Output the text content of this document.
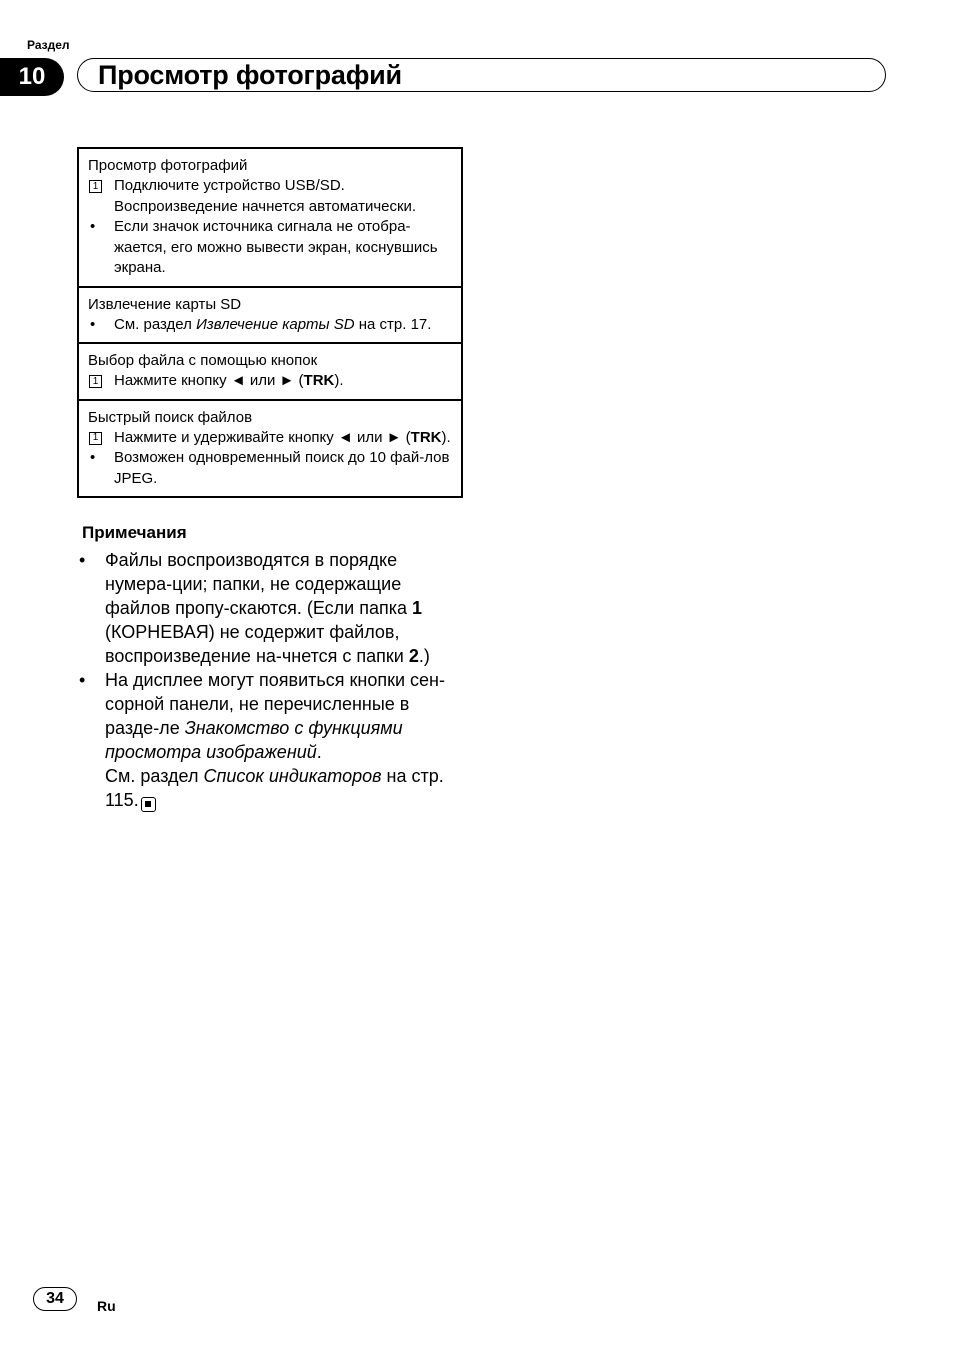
Раздел
10	Просмотр фотографий
Просмотр фотографий
1 Подключите устройство USB/SD.
Воспроизведение начнется автоматически.
• Если значок источника сигнала не отобра-жается, его можно вывести экран, коснувшись экрана.
Извлечение карты SD
• См. раздел Извлечение карты SD на стр. 17.
Выбор файла с помощью кнопок
1 Нажмите кнопку ◄ или ► (TRK).
Быстрый поиск файлов
1 Нажмите и удерживайте кнопку ◄ или ► (TRK).
• Возможен одновременный поиск до 10 фай-лов JPEG.
Примечания
•	Файлы воспроизводятся в порядке нумера-ции; папки, не содержащие файлов пропу-скаются. (Если папка 1 (КОРНЕВАЯ) не содержит файлов, воспроизведение на-чнется с папки 2.)
•	На дисплее могут появиться кнопки сен-сорной панели, не перечисленные в разде-ле Знакомство с функциями просмотра изображений.
См. раздел Список индикаторов на стр. 115.
34	Ru
